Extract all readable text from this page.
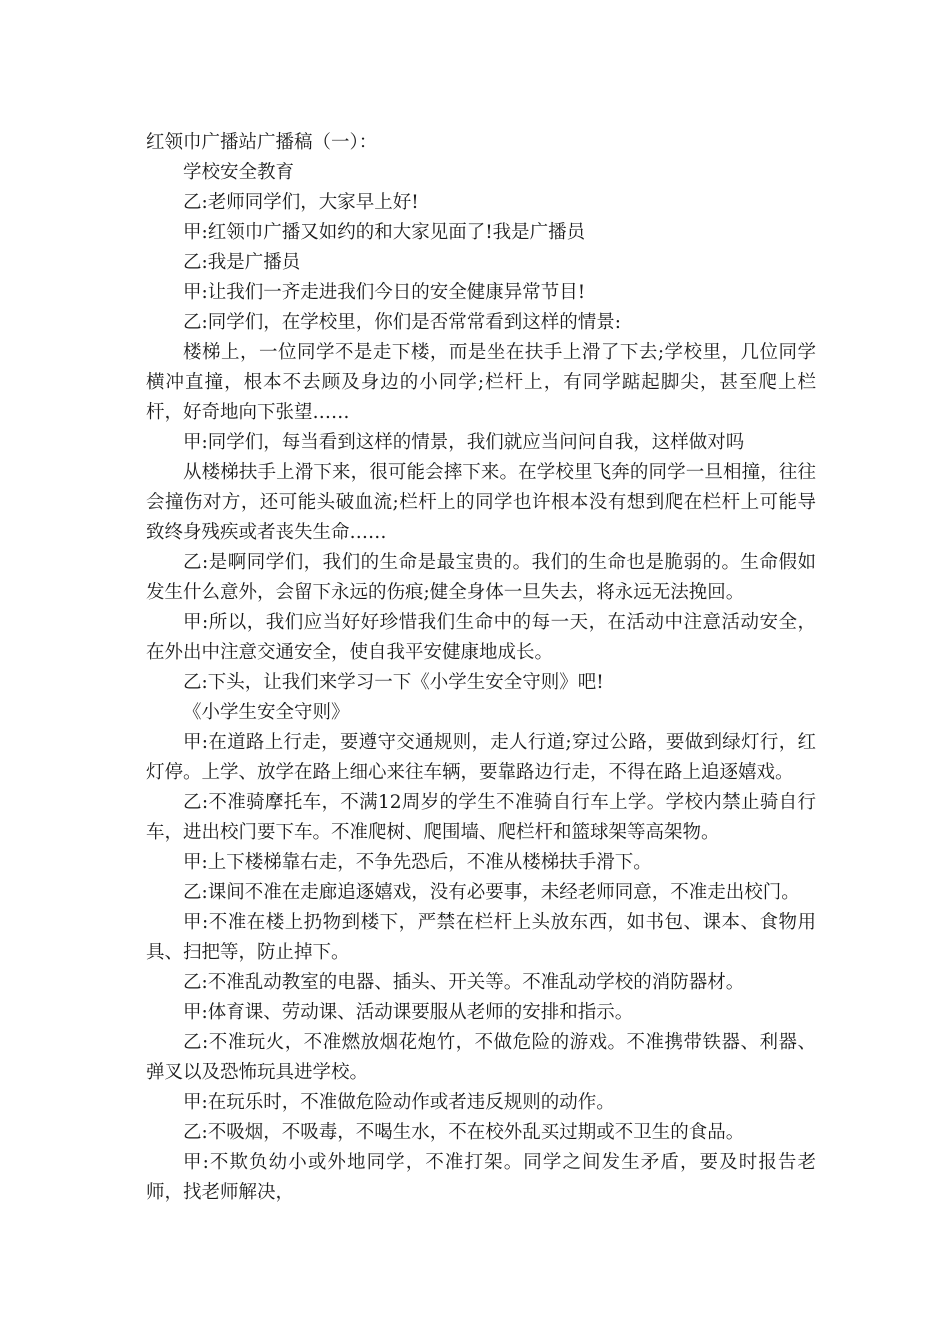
红领巾广播站广播稿（一）：

学校安全教育

乙:老师同学们，大家早上好!

甲:红领巾广播又如约的和大家见面了!我是广播员

乙:我是广播员

甲:让我们一齐走进我们今日的安全健康异常节目!

乙:同学们，在学校里，你们是否常常看到这样的情景:

楼梯上，一位同学不是走下楼，而是坐在扶手上滑了下去;学校里，几位同学横冲直撞，根本不去顾及身边的小同学;栏杆上，有同学踮起脚尖，甚至爬上栏杆，好奇地向下张望……

甲:同学们，每当看到这样的情景，我们就应当问问自我，这样做对吗

从楼梯扶手上滑下来，很可能会摔下来。在学校里飞奔的同学一旦相撞，往往会撞伤对方，还可能头破血流;栏杆上的同学也许根本没有想到爬在栏杆上可能导致终身残疾或者丧失生命……

乙:是啊同学们，我们的生命是最宝贵的。我们的生命也是脆弱的。生命假如发生什么意外，会留下永远的伤痕;健全身体一旦失去，将永远无法挽回。

甲:所以，我们应当好好珍惜我们生命中的每一天，在活动中注意活动安全，在外出中注意交通安全，使自我平安健康地成长。

乙:下头，让我们来学习一下《小学生安全守则》吧!

《小学生安全守则》

甲:在道路上行走，要遵守交通规则，走人行道;穿过公路，要做到绿灯行，红灯停。上学、放学在路上细心来往车辆，要靠路边行走，不得在路上追逐嬉戏。

乙:不准骑摩托车，不满12周岁的学生不准骑自行车上学。学校内禁止骑自行车，进出校门要下车。不准爬树、爬围墙、爬栏杆和篮球架等高架物。

甲:上下楼梯靠右走，不争先恐后，不准从楼梯扶手滑下。

乙:课间不准在走廊追逐嬉戏，没有必要事，未经老师同意，不准走出校门。

甲:不准在楼上扔物到楼下，严禁在栏杆上头放东西，如书包、课本、食物用具、扫把等，防止掉下。

乙:不准乱动教室的电器、插头、开关等。不准乱动学校的消防器材。

甲:体育课、劳动课、活动课要服从老师的安排和指示。

乙:不准玩火，不准燃放烟花炮竹，不做危险的游戏。不准携带铁器、利器、弹叉以及恐怖玩具进学校。

甲:在玩乐时，不准做危险动作或者违反规则的动作。

乙:不吸烟，不吸毒，不喝生水，不在校外乱买过期或不卫生的食品。

甲:不欺负幼小或外地同学，不准打架。同学之间发生矛盾，要及时报告老师，找老师解决，
